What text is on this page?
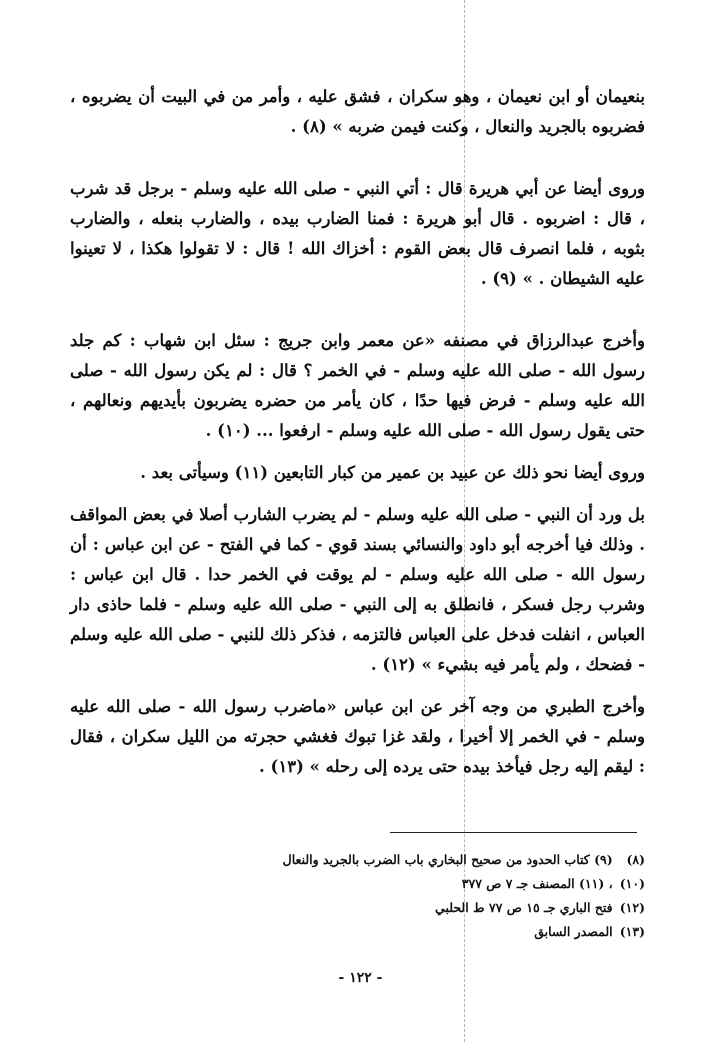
بنعيمان أو ابن نعيمان ، وهو سكران ، فشق عليه ، وأمر من في البيت أن يضربوه ، فضربوه بالجريد والنعال ، وكنت فيمن ضربه » (٨) .

وروى أيضا عن أبي هريرة قال : أتي النبي - صلى الله عليه وسلم - برجل قد شرب ، قال : اضربوه . قال أبو هريرة : فمنا الضارب بيده ، والضارب بنعله ، والضارب بثوبه ، فلما انصرف قال بعض القوم : أخزاك الله ! قال : لا تقولوا هكذا ، لا تعينوا عليه الشيطان . » (٩) .

وأخرج عبدالرزاق في مصنفه «عن معمر وابن جريج : سئل ابن شهاب : كم جلد رسول الله - صلى الله عليه وسلم - في الخمر ؟ قال : لم يكن رسول الله - صلى الله عليه وسلم - فرض فيها حدًا ، كان يأمر من حضره يضربون بأيديهم ونعالهم ، حتى يقول رسول الله - صلى الله عليه وسلم - ارفعوا ... (١٠) .

وروى أيضا نحو ذلك عن عبيد بن عمير من كبار التابعين (١١) وسيأتى بعد .

بل ورد أن النبي - صلى الله عليه وسلم - لم يضرب الشارب أصلا في بعض المواقف . وذلك فيا أخرجه أبو داود والنسائي بسند قوي - كما في الفتح - عن ابن عباس : أن رسول الله - صلى الله عليه وسلم - لم يوقت في الخمر حدا . قال ابن عباس : وشرب رجل فسكر ، فانطلق به إلى النبي - صلى الله عليه وسلم - فلما حاذى دار العباس ، انفلت فدخل على العباس فالتزمه ، فذكر ذلك للنبي - صلى الله عليه وسلم - فضحك ، ولم يأمر فيه بشيء » (١٢) .

وأخرج الطبري من وجه آخر عن ابن عباس «ماضرب رسول الله - صلى الله عليه وسلم - في الخمر إلا أخيرا ، ولقد غزا تبوك فغشي حجرته من الليل سكران ، فقال : ليقم إليه رجل فيأخذ بيده حتى يرده إلى رحله » (١٣) .

(٨) (٩) كتاب الحدود من صحيح البخاري باب الضرب بالجريد والنعال

(١٠) ، (١١) المصنف جـ ٧ ص ٣٧٧

(١٢) فتح الباري جـ ١٥ ص ٧٧ ط الحلبي

(١٣) المصدر السابق

- ١٢٢ -
